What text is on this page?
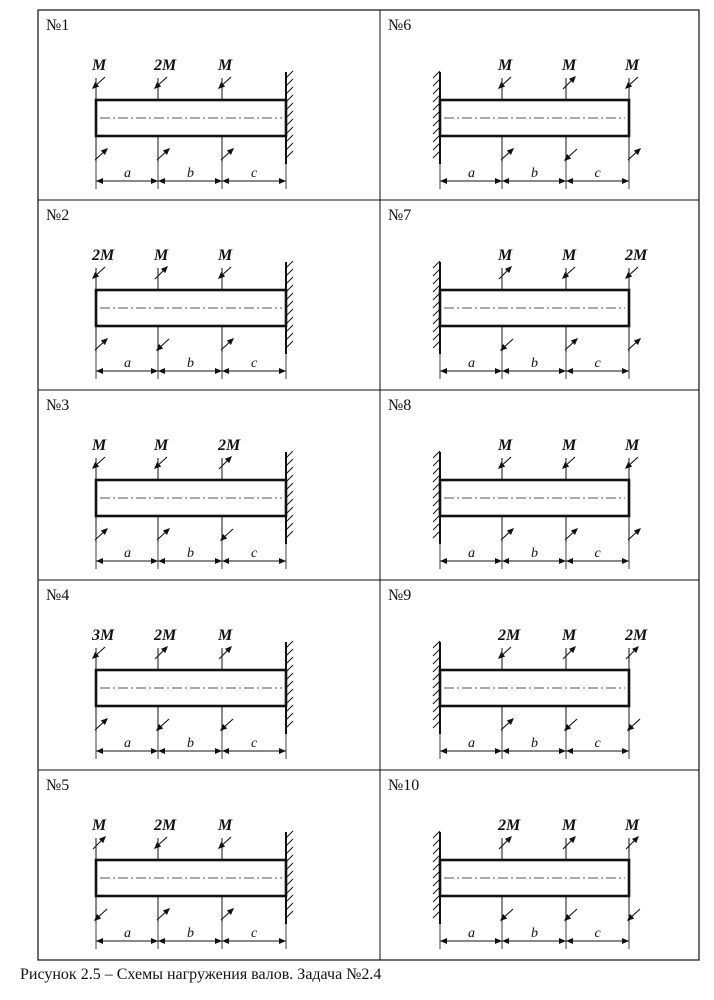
№1
M	2M	M
a	b	c
№2
2M M	M
a	b	c
№3
M	M	2M
a	b	c
№4
3M 2M	M
a	b	c
№5
M	2M	M
a	b	c
№6
M	M	M
a	b	c
№7
M	M	2M
a	b	c
№8
M	M	M
a	b	c
№9
2M	M	2M
a	b	c
№10
2M	M	M
a	b	c
Рисунок 2.5 – Схемы нагружения валов. Задача №2.4
